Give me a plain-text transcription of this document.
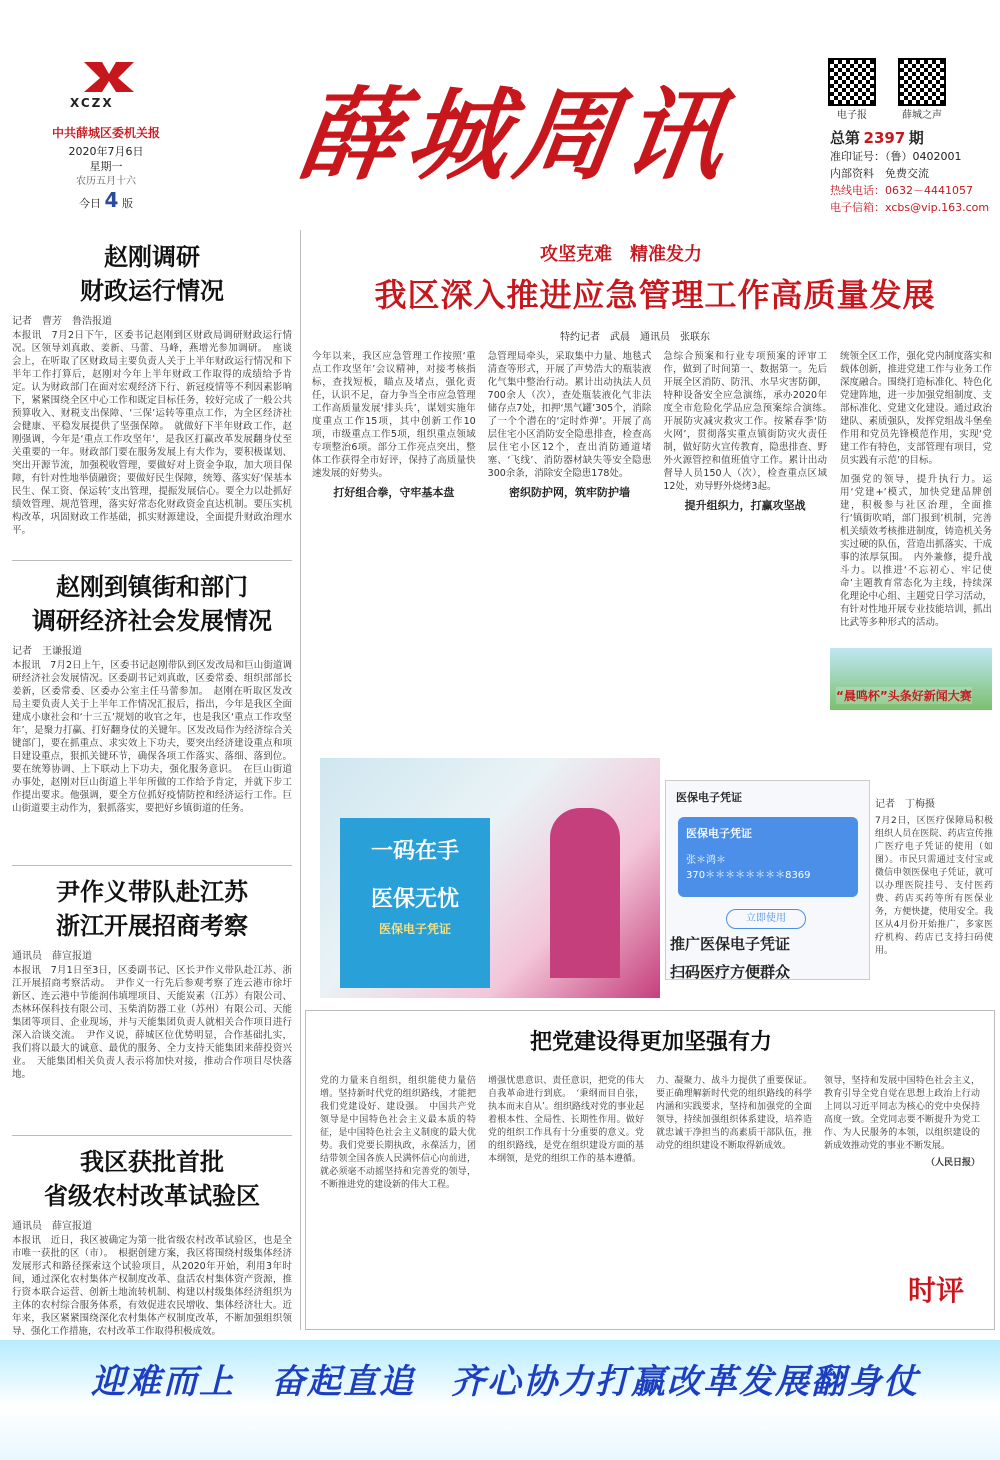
XCZX
中共薛城区委机关报
2020年7月6日
星期一
农历五月十六
今日 4 版
薛城周讯	电子报	薛城之声
总第 2397 期
准印证号：（鲁）0402001
内部资料　免费交流
热线电话：0632－4441057
电子信箱：xcbs@vip.163.com
赵刚调研
财政运行情况
记者　曹芳　鲁浩报道
本报讯　7月2日下午，区委书记赵刚到区财政局调研财政运行情况。区领导刘真敢、姜新、马蕾、马峰，燕增光参加调研。　座谈会上，在听取了区财政局主要负责人关于上半年财政运行情况和下半年工作打算后，赵刚对今年上半年财政工作取得的成绩给予肯定。认为财政部门在面对宏观经济下行、新冠疫情等不利因素影响下，紧紧围绕全区中心工作和既定目标任务，较好完成了一般公共预算收入、财税支出保障、‘三保’运转等重点工作，为全区经济社会健康、平稳发展提供了坚强保障。　就做好下半年财政工作，赵刚强调，今年是‘重点工作攻坚年’，是我区打赢改革发展翻身仗至关重要的一年。财政部门要在服务发展上有大作为，要积极谋划、突出开源节流，加强税收管理，要做好对上资金争取，加大项目保障，有针对性地举债融资；要做好民生保障，统筹、落实好‘保基本民生、保工资、保运转’支出管理，提振发展信心。要全力以赴抓好绩效管理、规范管理，落实好常态化财政资金直达机制。要压实机构改革，巩固财政工作基础，抓实财源建设，全面提升财政治理水平。
赵刚到镇街和部门
调研经济社会发展情况
记者　王谦报道
本报讯　7月2日上午，区委书记赵刚带队到区发改局和巨山街道调研经济社会发展情况。区委副书记刘真敢，区委常委、组织部部长姜新，区委常委、区委办公室主任马蕾参加。　赵刚在听取区发改局主要负责人关于上半年工作情况汇报后，指出，今年是我区全面建成小康社会和‘十三五’规划的收官之年，也是我区‘重点工作攻坚年’，是聚力打赢、打好翻身仗的关键年。区发改局作为经济综合关键部门，要在抓重点、求实效上下功夫，要突出经济建设重点和项目建设重点，狠抓关键环节，确保各项工作落实、落细、落到位。要在统筹协调、上下联动上下功夫，强化服务意识。　在巨山街道办事处，赵刚对巨山街道上半年所做的工作给予肯定，并就下步工作提出要求。他强调，要全方位抓好疫情防控和经济运行工作。巨山街道要主动作为，狠抓落实，要把好乡镇街道的任务。
尹作义带队赴江苏
浙江开展招商考察
通讯员　薛宣报道
本报讯　7月1日至3日，区委副书记、区长尹作义带队赴江苏、浙江开展招商考察活动。　尹作义一行先后参观考察了连云港市徐圩新区、连云港中节能润伟填埋项目、天能炭素（江苏）有限公司、杰林环保科技有限公司、玉柴消防器工业（苏州）有限公司、天能集团等项目、企业现场，并与天能集团负责人就相关合作项目进行深入洽谈交流。　尹作义说，薛城区位优势明显，合作基础扎实，我们将以最大的诚意、最优的服务、全力支持天能集团来薛投资兴业。　天能集团相关负责人表示将加快对接，推动合作项目尽快落地。
我区获批首批
省级农村改革试验区
通讯员　薛宣报道
本报讯　近日，我区被确定为第一批省级农村改革试验区，也是全市唯一获批的区（市）。　根据创建方案，我区将围绕村级集体经济发展形式和路径探索这个试验项目，从2020年开始，利用3年时间，通过深化农村集体产权制度改革、盘活农村集体资产资源，推行资本联合运营、创新土地流转机制、构建以村级集体经济组织为主体的农村综合服务体系，有效促进农民增收、集体经济壮大。近年来，我区紧紧围绕深化农村集体产权制度改革，不断加强组织领导、强化工作措施，农村改革工作取得积极成效。
攻坚克难　精准发力
我区深入推进应急管理工作高质量发展
特约记者　武晨　通讯员　张联东
今年以来，我区应急管理工作按照‘重点工作攻坚年’会议精神，对接考核指标，查找短板，瞄点及堵点，强化责任，认识不足，奋力争当全市应急管理工作高质量发展‘排头兵’，谋划实施年度重点工作15项，其中创新工作10项，市级重点工作5项，组织重点领域专项整治6项。部分工作亮点突出，整体工作获得全市好评，保持了高质量快速发展的好势头。
打好组合拳，守牢基本盘
急管理局牵头，采取集中力量、地毯式清查等形式，开展了声势浩大的瓶装液化气集中整治行动。累计出动执法人员700余人（次），查处瓶装液化气非法储存点7处，扣押‘黑气罐’305个，消除了一个个潜在的‘定时炸弹’。开展了高层住宅小区消防安全隐患排查，检查高层住宅小区12个，查出消防通道堵塞、‘飞线’、消防器材缺失等安全隐患300余条，消除安全隐患178处。
密织防护网，筑牢防护墙
急综合预案和行业专项预案的评审工作，做到了时间第一、数据第一。先后开展全区消防、防汛、水旱灾害防御，特种设备安全应急演练，承办2020年度全市危险化学品应急预案综合演练。　开展防灾减灾救灾工作。按紧春季‘防火网’，贯彻落实重点镇街防灾火责任制，做好防火宣传教育，隐患排查、野外火源管控和值班值守工作。累计出动督导人员150人（次），检查重点区域12处，劝导野外烧烤3起。
提升组织力，打赢攻坚战
统领全区工作，强化党内制度落实和载体创新，推进党建工作与业务工作深度融合。围绕打造标准化、特色化党建阵地，进一步加强党组制度、支部标准化、党建文化建设。通过政治建队、素质强队，发挥党组战斗堡垒作用和党员先锋模范作用，实现‘党建工作有特色，支部管理有项目，党员实践有示范’的目标。
加强党的领导，提升执行力。运用‘党建+’模式，加快党建品牌创建，积极参与社区治理，全面推行‘镇街吹哨，部门报到’机制，完善机关绩效考核推进制度，铸造机关务实过硬的队伍，营造出抓落实、干成事的浓厚氛围。　内外兼修，提升战斗力。以推进‘不忘初心、牢记使命’主题教育常态化为主线，持续深化理论中心组、主题党日学习活动，有针对性地开展专业技能培训，抓出比武等多种形式的活动。
“晨鸣杯”头条好新闻大赛
一码在手
医保无忧
医保电子凭证
医保电子凭证
医保电子凭证
张＊鸿＊
370＊＊＊＊＊＊＊＊8369
立即使用
推广医保电子凭证
扫码医疗方便群众
记者　丁梅摄
7月2日，区医疗保障局积极组织人员在医院、药店宣传推广医疗电子凭证的使用（如图）。市民只需通过支付宝或微信申领医保电子凭证，就可以办理医院挂号、支付医药费、药店买药等所有医保业务，方便快捷，使用安全。我区从4月份开始推广，多家医疗机构、药店已支持扫码使用。
把党建设得更加坚强有力
党的力量来自组织，组织能使力量倍增。坚持新时代党的组织路线，才能把我们党建设好、建设强。　中国共产党领导是中国特色社会主义最本质的特征，是中国特色社会主义制度的最大优势。我们党要长期执政，永葆活力，团结带领全国各族人民满怀信心向前进，就必须毫不动摇坚持和完善党的领导，不断推进党的建设新的伟大工程。
增强忧患意识、责任意识，把党的伟大自我革命进行到底。　‘秉纲而目自张，执本而末自从’。组织路线对党的事业起着根本性、全局性、长期性作用。做好党的组织工作具有十分重要的意义。党的组织路线，是党在组织建设方面的基本纲领，是党的组织工作的基本遵循。
力、凝聚力、战斗力提供了重要保证。要正确理解新时代党的组织路线的科学内涵和实践要求，坚持和加强党的全面领导，持续加强组织体系建设，培养造就忠诚干净担当的高素质干部队伍，推动党的组织建设不断取得新成效。
领导，坚持和发展中国特色社会主义，教育引导全党自觉在思想上政治上行动上同以习近平同志为核心的党中央保持高度一致。全党同志要不断提升为党工作、为人民服务的本领，以组织建设的新成效推动党的事业不断发展。
（人民日报）
时评
迎难而上　奋起直追　齐心协力打赢改革发展翻身仗
